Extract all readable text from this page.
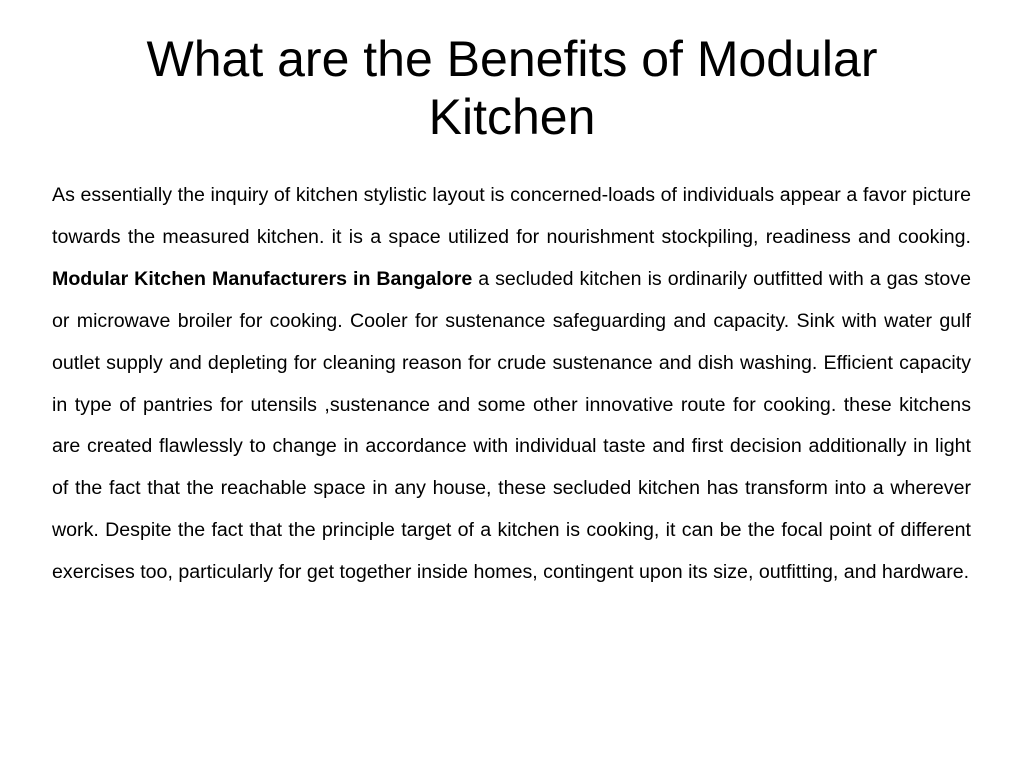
What are the Benefits of Modular Kitchen

As essentially the inquiry of kitchen stylistic layout is concerned-loads of individuals appear a favor picture towards the measured kitchen. it is a space utilized for nourishment stockpiling, readiness and cooking. Modular Kitchen Manufacturers in Bangalore a secluded kitchen is ordinarily outfitted with a gas stove or microwave broiler for cooking. Cooler for sustenance safeguarding and capacity. Sink with water gulf outlet supply and depleting for cleaning reason for crude sustenance and dish washing. Efficient capacity in type of pantries for utensils ,sustenance and some other innovative route for cooking. these kitchens are created flawlessly to change in accordance with individual taste and first decision additionally in light of the fact that the reachable space in any house, these secluded kitchen has transform into a wherever work. Despite the fact that the principle target of a kitchen is cooking, it can be the focal point of different exercises too, particularly for get together inside homes, contingent upon its size, outfitting, and hardware.
